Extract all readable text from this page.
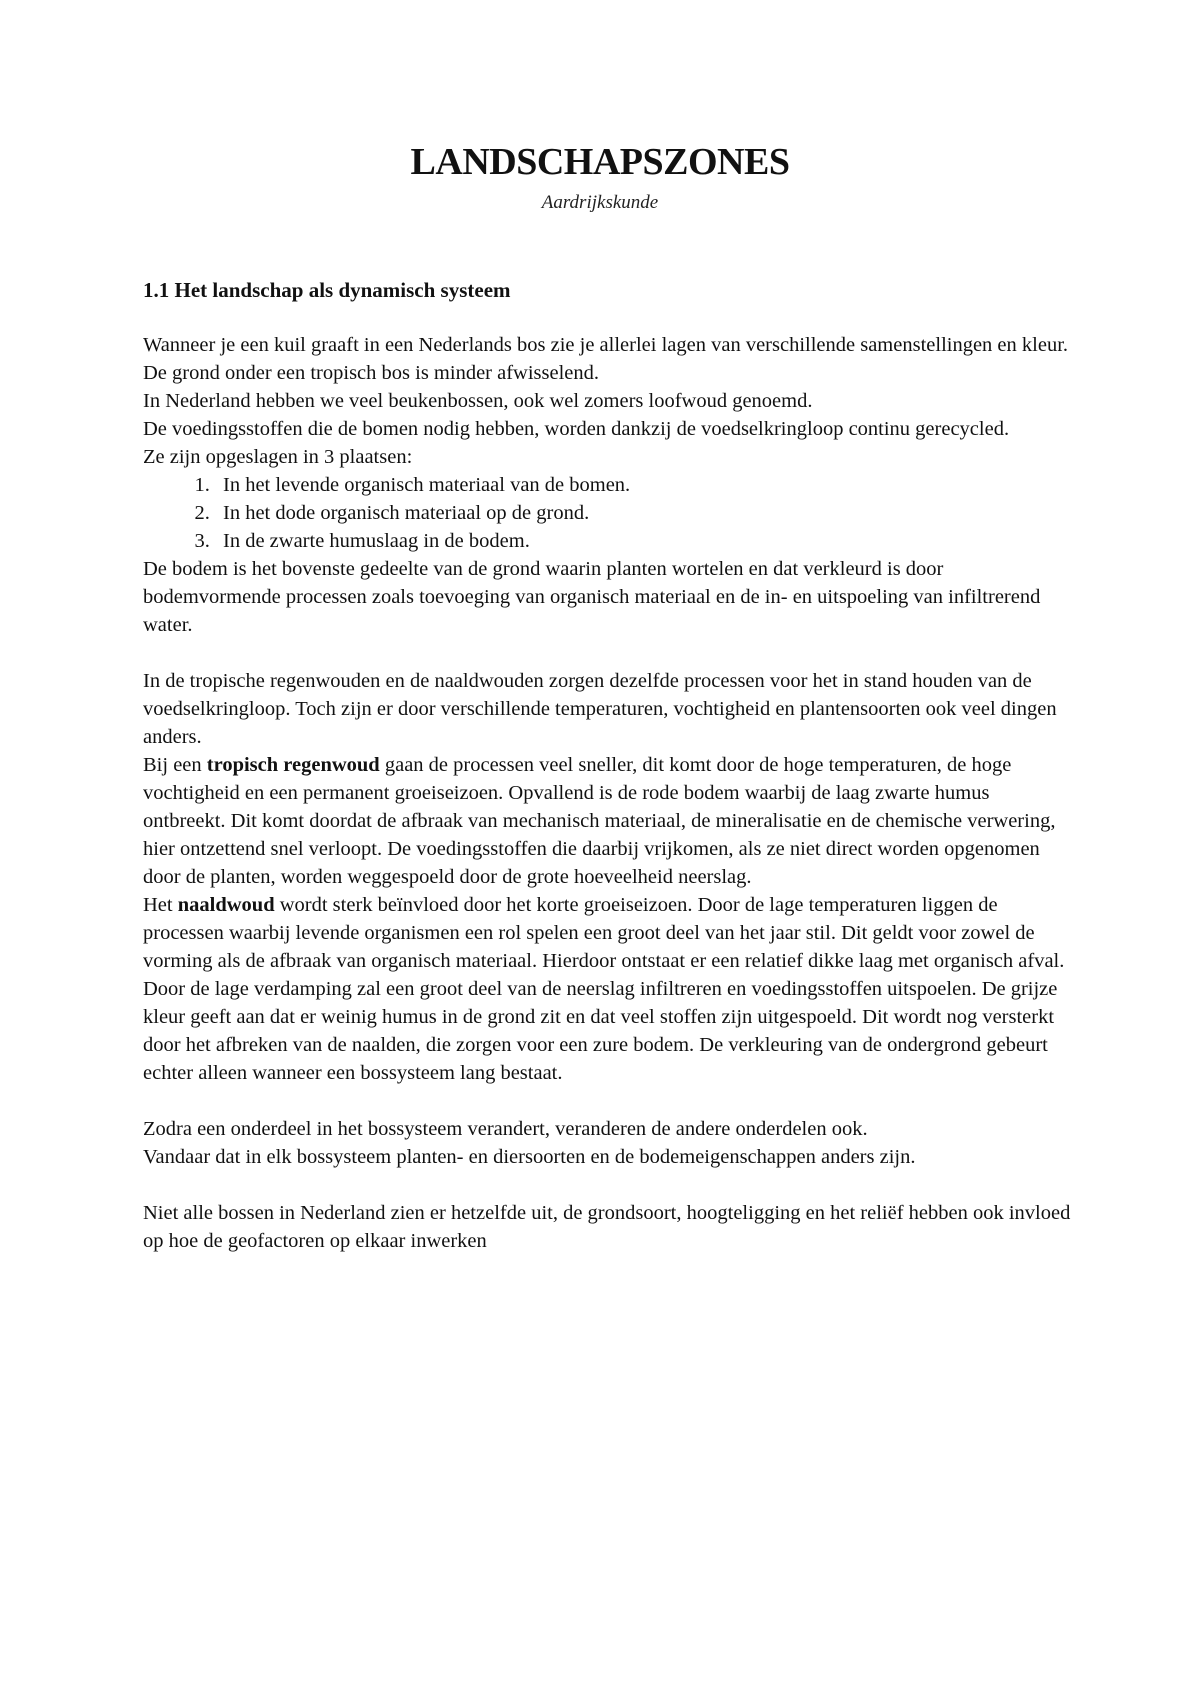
LANDSCHAPSZONES
Aardrijkskunde
1.1 Het landschap als dynamisch systeem

Wanneer je een kuil graaft in een Nederlands bos zie je allerlei lagen van verschillende samenstellingen en kleur. De grond onder een tropisch bos is minder afwisselend.

In Nederland hebben we veel beukenbossen, ook wel zomers loofwoud genoemd.

De voedingsstoffen die de bomen nodig hebben, worden dankzij de voedselkringloop continu gerecycled.

Ze zijn opgeslagen in 3 plaatsen:

1. In het levende organisch materiaal van de bomen.
2. In het dode organisch materiaal op de grond.
3. In de zwarte humuslaag in de bodem.

De bodem is het bovenste gedeelte van de grond waarin planten wortelen en dat verkleurd is door bodemvormende processen zoals toevoeging van organisch materiaal en de in- en uitspoeling van infiltrerend water.

In de tropische regenwouden en de naaldwouden zorgen dezelfde processen voor het in stand houden van de voedselkringloop. Toch zijn er door verschillende temperaturen, vochtigheid en plantensoorten ook veel dingen anders.

Bij een tropisch regenwoud gaan de processen veel sneller, dit komt door de hoge temperaturen, de hoge vochtigheid en een permanent groeiseizoen. Opvallend is de rode bodem waarbij de laag zwarte humus ontbreekt. Dit komt doordat de afbraak van mechanisch materiaal, de mineralisatie en de chemische verwering, hier ontzettend snel verloopt. De voedingsstoffen die daarbij vrijkomen, als ze niet direct worden opgenomen door de planten, worden weggespoeld door de grote hoeveelheid neerslag.

Het naaldwoud wordt sterk beïnvloed door het korte groeiseizoen. Door de lage temperaturen liggen de processen waarbij levende organismen een rol spelen een groot deel van het jaar stil. Dit geldt voor zowel de vorming als de afbraak van organisch materiaal. Hierdoor ontstaat er een relatief dikke laag met organisch afval. Door de lage verdamping zal een groot deel van de neerslag infiltreren en voedingsstoffen uitspoelen. De grijze kleur geeft aan dat er weinig humus in de grond zit en dat veel stoffen zijn uitgespoeld. Dit wordt nog versterkt door het afbreken van de naalden, die zorgen voor een zure bodem. De verkleuring van de ondergrond gebeurt echter alleen wanneer een bossysteem lang bestaat.

Zodra een onderdeel in het bossysteem verandert, veranderen de andere onderdelen ook.

Vandaar dat in elk bossysteem planten- en diersoorten en de bodemeigenschappen anders zijn.

Niet alle bossen in Nederland zien er hetzelfde uit, de grondsoort, hoogteligging en het reliëf hebben ook invloed op hoe de geofactoren op elkaar inwerken
